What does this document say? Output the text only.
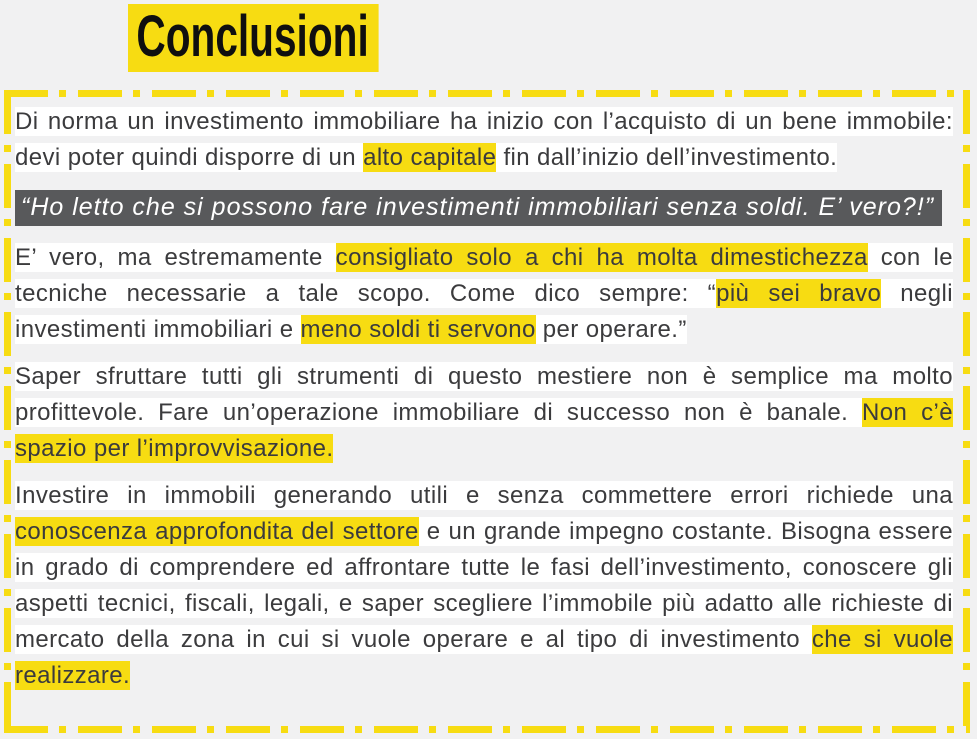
Conclusioni
Di norma un investimento immobiliare ha inizio con l’acquisto di un bene immobile: devi poter quindi disporre di un alto capitale fin dall’inizio dell’investimento.
“Ho letto che si possono fare investimenti immobiliari senza soldi. E’ vero?!”
E’ vero, ma estremamente consigliato solo a chi ha molta dimestichezza con le tecniche necessarie a tale scopo. Come dico sempre: “più sei bravo negli investimenti immobiliari e meno soldi ti servono per operare.”
Saper sfruttare tutti gli strumenti di questo mestiere non è semplice ma molto profittevole. Fare un’operazione immobiliare di successo non è banale. Non c’è spazio per l’improvvisazione.
Investire in immobili generando utili e senza commettere errori richiede una conoscenza approfondita del settore e un grande impegno costante. Bisogna essere in grado di comprendere ed affrontare tutte le fasi dell’investimento, conoscere gli aspetti tecnici, fiscali, legali, e saper scegliere l’immobile più adatto alle richieste di mercato della zona in cui si vuole operare e al tipo di investimento che si vuole realizzare.
